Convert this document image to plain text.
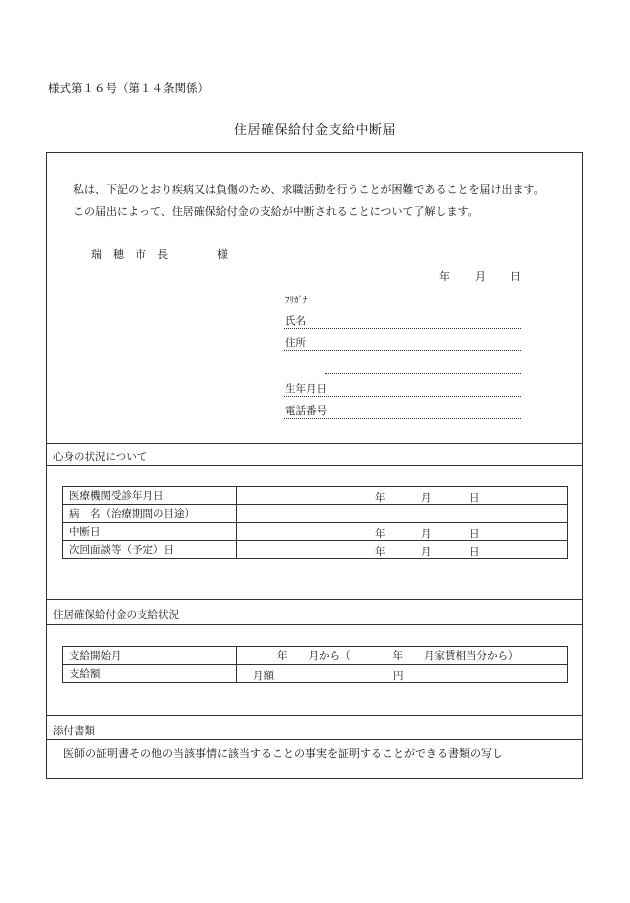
様式第１６号（第１４条関係）
住居確保給付金支給中断届
私は、下記のとおり疾病又は負傷のため、求職活動を行うことが困難であることを届け出ます。
この届出によって、住居確保給付金の支給が中断されることについて了解します。
瑞　穂　市　長	様
年 月 日
ﾌﾘｶﾞﾅ
氏名
住所
生年月日
電話番号
心身の状況について
医療機関受診年月日	年 月 日

病　名（治療期間の目途）	
中断日	年 月 日

次回面談等（予定）日	年 月 日
住居確保給付金の支給状況
支給開始月	年　　月から（　　　　年　　月家賃相当分から）
支給額	月額 円
添付書類
医師の証明書その他の当該事情に該当することの事実を証明することができる書類の写し
